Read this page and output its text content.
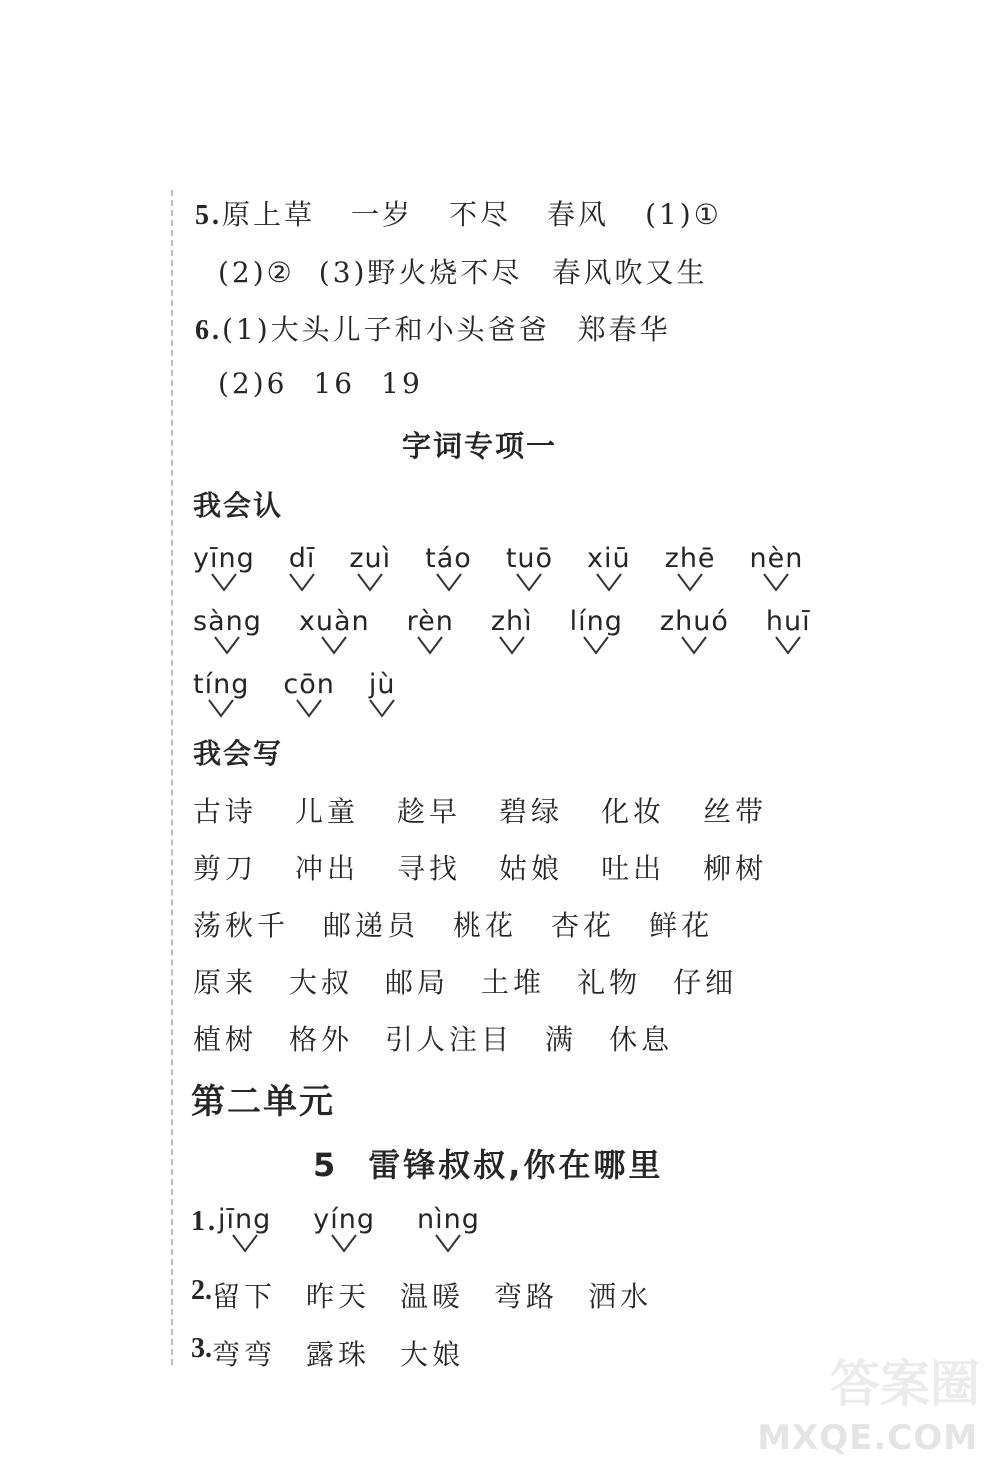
5.原上草 一岁 不尽 春风 (1)①
(2)② (3)野火烧不尽 春风吹又生
6.(1)大头儿子和小头爸爸 郑春华
(2)6 16 19
字词专项一
我会认
yīng dī zuì táo tuō xiū zhē nèn
sàng xuàn rèn zhì líng zhuó huī
tíng cōn jù
我会写
古诗 儿童 趁早 碧绿 化妆 丝带
剪刀 冲出 寻找 姑娘 吐出 柳树
荡秋千 邮递员 桃花 杏花 鲜花
原来 大叔 邮局 土堆 礼物 仔细
植树 格外 引人注目 满 休息
第二单元
5 雷锋叔叔,你在哪里
1. jīng yíng nìng
2. 留下 昨天 温暖 弯路 洒水
3. 弯弯 露珠 大娘
答案圈
MXQE.COM
